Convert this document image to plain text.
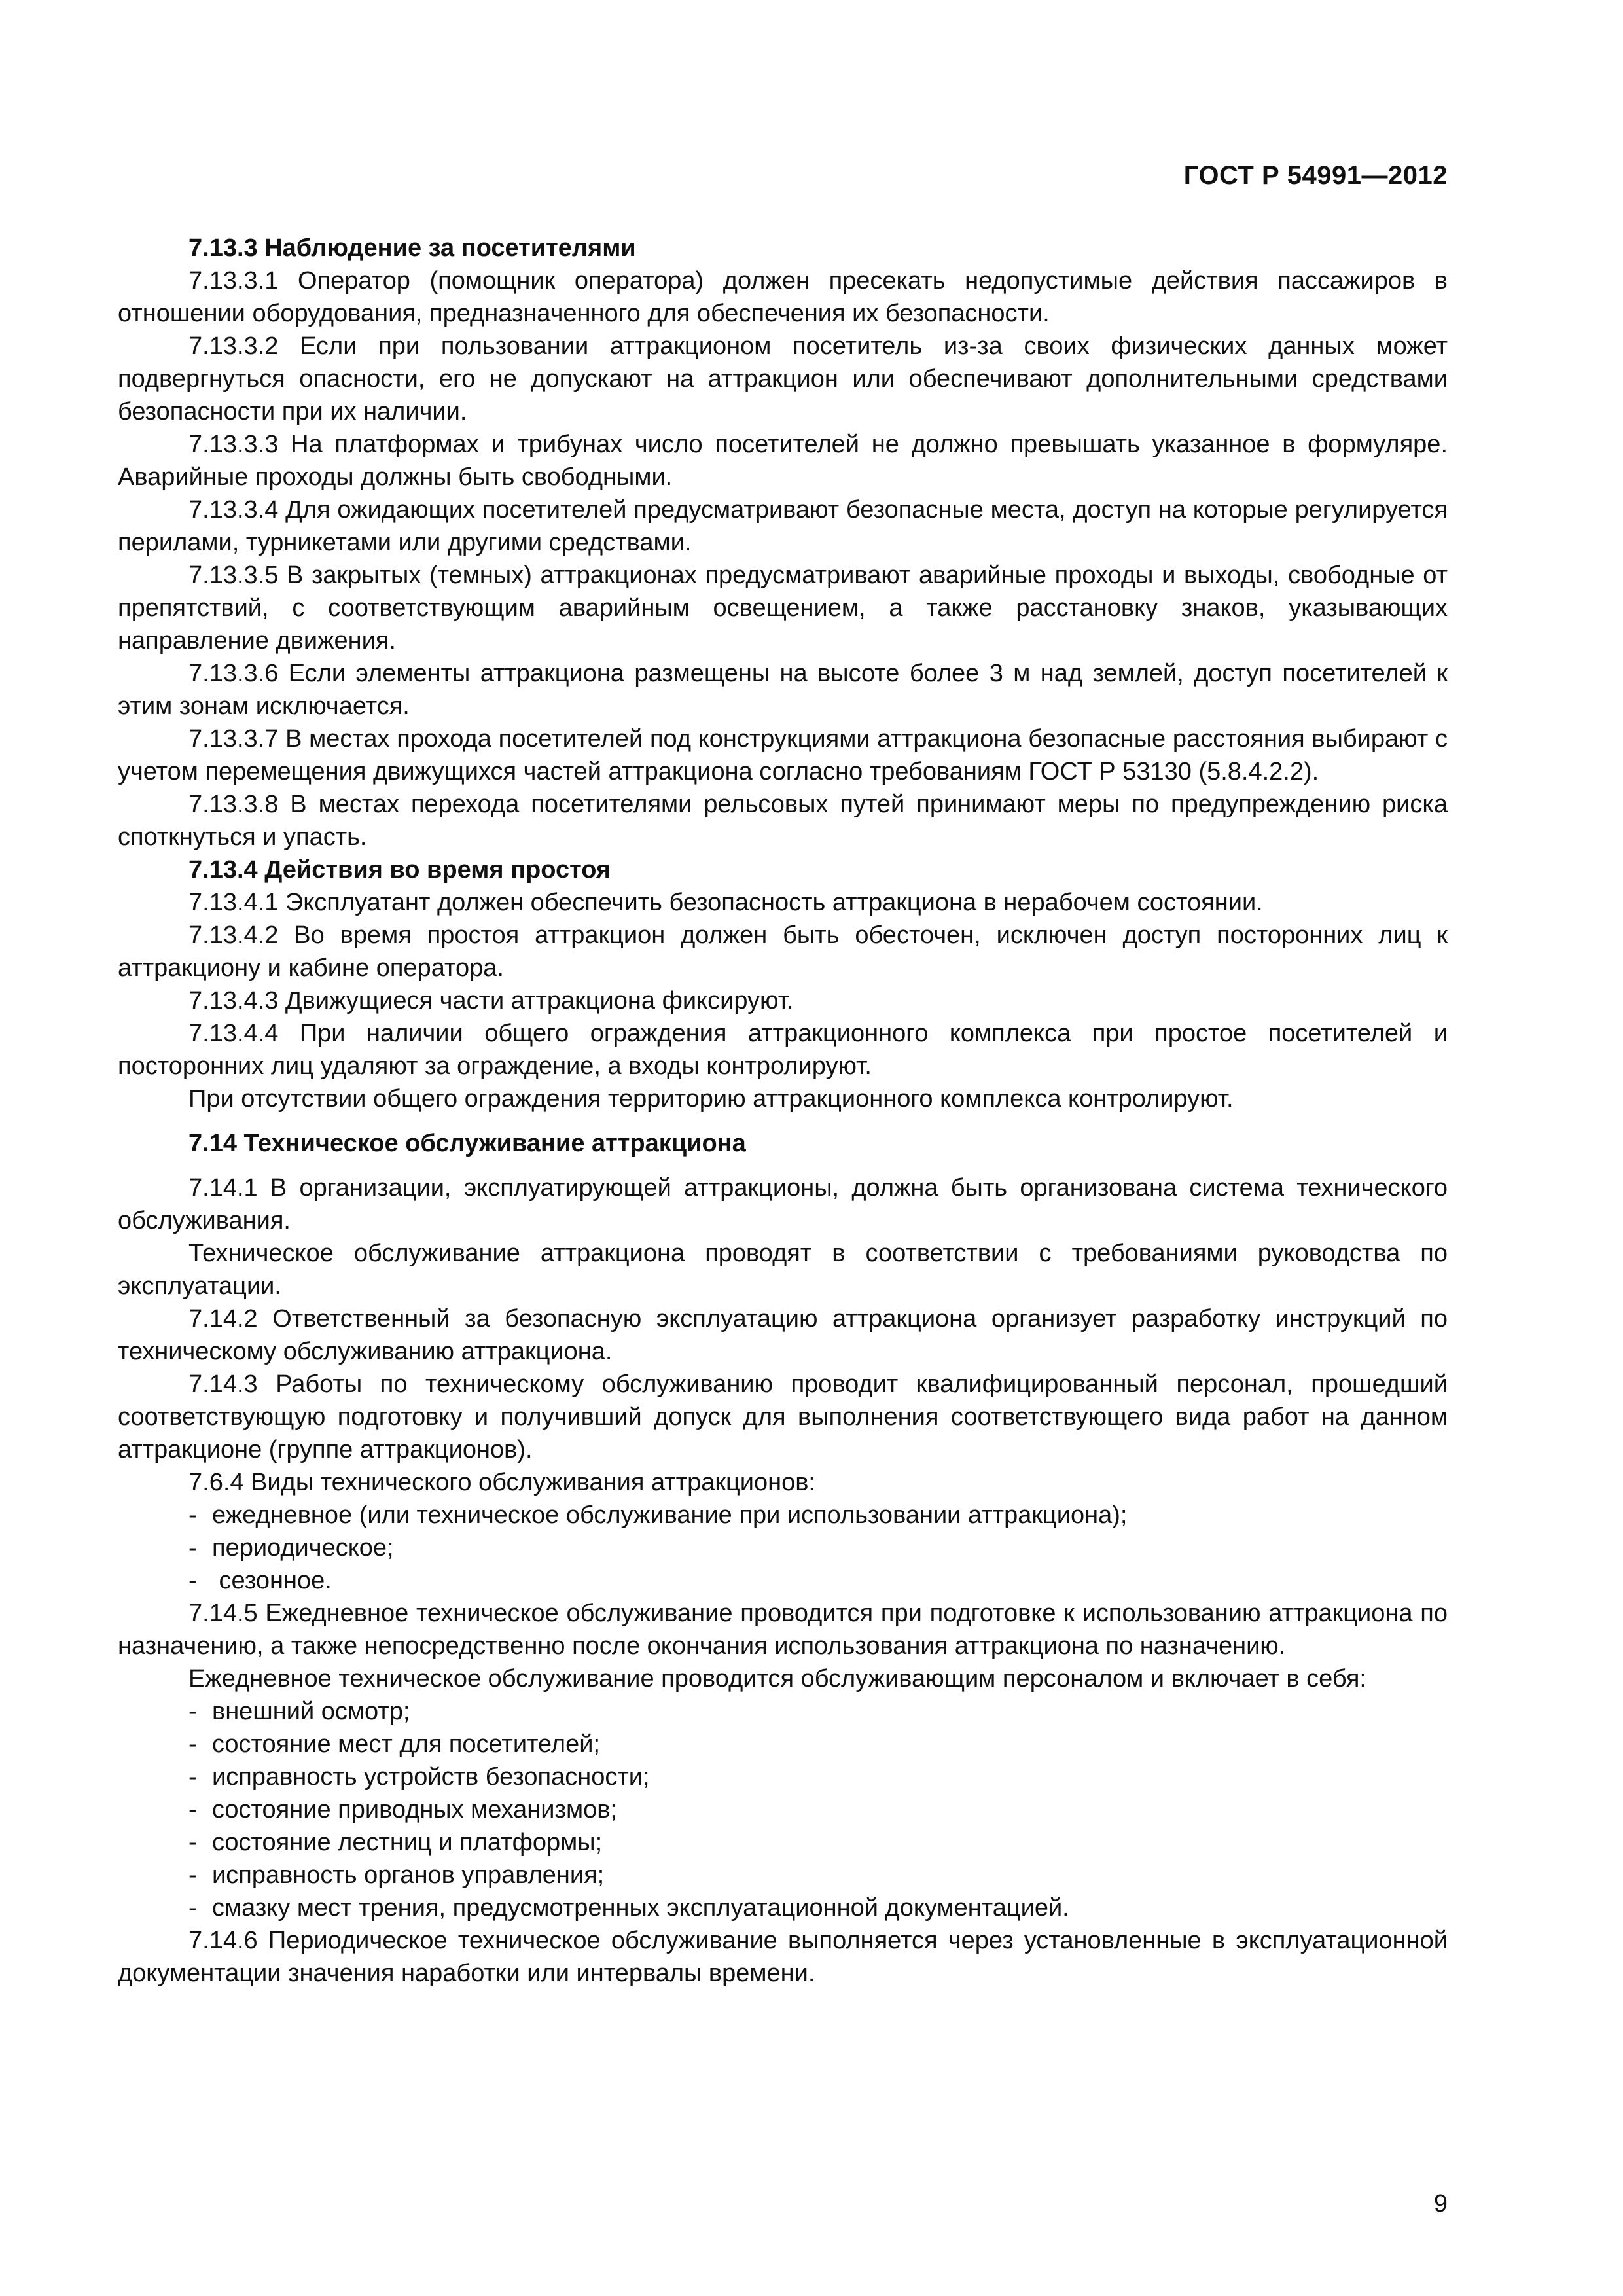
ГОСТ Р 54991—2012

7.13.3 Наблюдение за посетителями

7.13.3.1 Оператор (помощник оператора) должен пресекать недопустимые действия пассажиров в отношении оборудования, предназначенного для обеспечения их безопасности.

7.13.3.2 Если при пользовании аттракционом посетитель из-за своих физических данных может подвергнуться опасности, его не допускают на аттракцион или обеспечивают дополнительными средствами безопасности при их наличии.

7.13.3.3 На платформах и трибунах число посетителей не должно превышать указанное в формуляре. Аварийные проходы должны быть свободными.

7.13.3.4 Для ожидающих посетителей предусматривают безопасные места, доступ на которые регулируется перилами, турникетами или другими средствами.

7.13.3.5 В закрытых (темных) аттракционах предусматривают аварийные проходы и выходы, свободные от препятствий, с соответствующим аварийным освещением, а также расстановку знаков, указывающих направление движения.

7.13.3.6 Если элементы аттракциона размещены на высоте более 3 м над землей, доступ посетителей к этим зонам исключается.

7.13.3.7 В местах прохода посетителей под конструкциями аттракциона безопасные расстояния выбирают с учетом перемещения движущихся частей аттракциона согласно требованиям ГОСТ Р 53130 (5.8.4.2.2).

7.13.3.8 В местах перехода посетителями рельсовых путей принимают меры по предупреждению риска споткнуться и упасть.

7.13.4 Действия во время простоя

7.13.4.1 Эксплуатант должен обеспечить безопасность аттракциона в нерабочем состоянии.

7.13.4.2 Во время простоя аттракцион должен быть обесточен, исключен доступ посторонних лиц к аттракциону и кабине оператора.

7.13.4.3 Движущиеся части аттракциона фиксируют.

7.13.4.4 При наличии общего ограждения аттракционного комплекса при простое посетителей и посторонних лиц удаляют за ограждение, а входы контролируют.

При отсутствии общего ограждения территорию аттракционного комплекса контролируют.

7.14 Техническое обслуживание аттракциона

7.14.1 В организации, эксплуатирующей аттракционы, должна быть организована система технического обслуживания.

Техническое обслуживание аттракциона проводят в соответствии с требованиями руководства по эксплуатации.

7.14.2 Ответственный за безопасную эксплуатацию аттракциона организует разработку инструкций по техническому обслуживанию аттракциона.

7.14.3 Работы по техническому обслуживанию проводит квалифицированный персонал, прошедший соответствующую подготовку и получивший допуск для выполнения соответствующего вида работ на данном аттракционе (группе аттракционов).

7.6.4 Виды технического обслуживания аттракционов:

- ежедневное (или техническое обслуживание при использовании аттракциона);

- периодическое;

- сезонное.

7.14.5 Ежедневное техническое обслуживание проводится при подготовке к использованию аттракциона по назначению, а также непосредственно после окончания использования аттракциона по назначению.

Ежедневное техническое обслуживание проводится обслуживающим персоналом и включает в себя:

- внешний осмотр;

- состояние мест для посетителей;

- исправность устройств безопасности;

- состояние приводных механизмов;

- состояние лестниц и платформы;

- исправность органов управления;

- смазку мест трения, предусмотренных эксплуатационной документацией.

7.14.6 Периодическое техническое обслуживание выполняется через установленные в эксплуатационной документации значения наработки или интервалы времени.

9
